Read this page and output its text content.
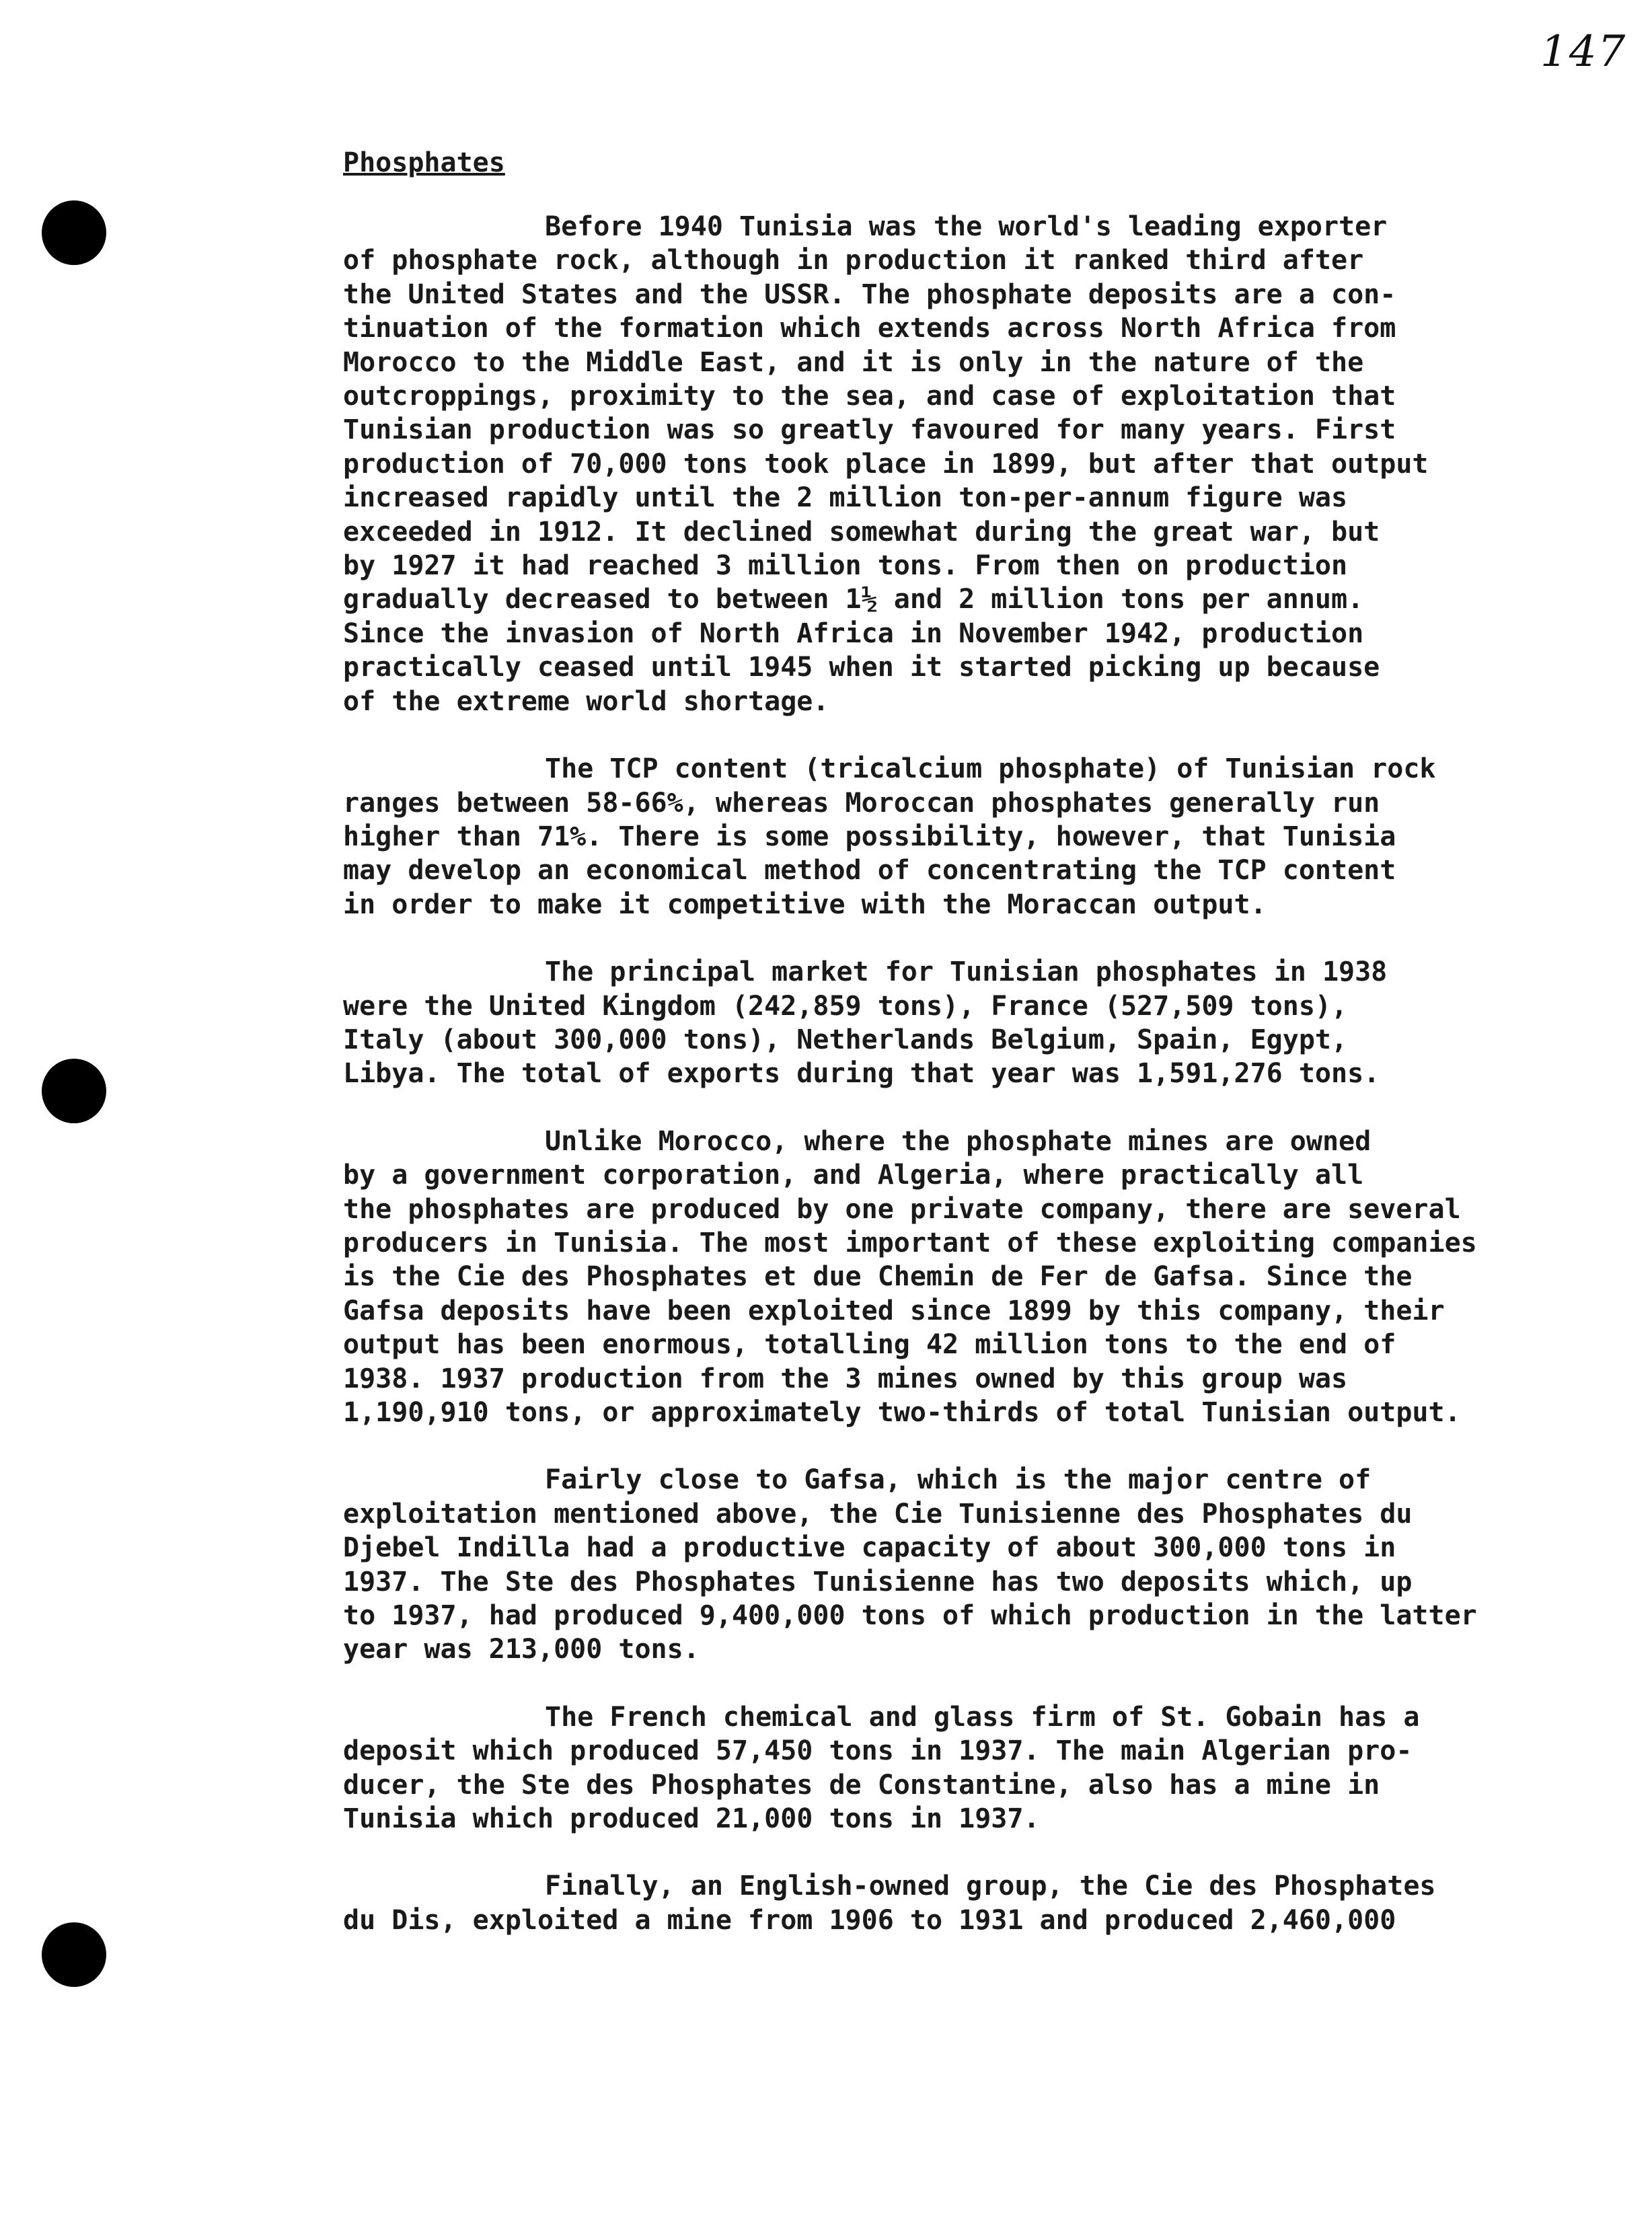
147
Phosphates
Before 1940 Tunisia was the world's leading exporter
of phosphate rock, although in production it ranked third after
the United States and the USSR. The phosphate deposits are a con-
tinuation of the formation which extends across North Africa from
Morocco to the Middle East, and it is only in the nature of the
outcroppings, proximity to the sea, and case of exploitation that
Tunisian production was so greatly favoured for many years. First
production of 70,000 tons took place in 1899, but after that output
increased rapidly until the 2 million ton-per-annum figure was
exceeded in 1912. It declined somewhat during the great war, but
by 1927 it had reached 3 million tons. From then on production
gradually decreased to between 1½ and 2 million tons per annum.
Since the invasion of North Africa in November 1942, production
practically ceased until 1945 when it started picking up because
of the extreme world shortage.
The TCP content (tricalcium phosphate) of Tunisian rock
ranges between 58-66%, whereas Moroccan phosphates generally run
higher than 71%. There is some possibility, however, that Tunisia
may develop an economical method of concentrating the TCP content
in order to make it competitive with the Moraccan output.
The principal market for Tunisian phosphates in 1938
were the United Kingdom (242,859 tons), France (527,509 tons),
Italy (about 300,000 tons), Netherlands Belgium, Spain, Egypt,
Libya. The total of exports during that year was 1,591,276 tons.
Unlike Morocco, where the phosphate mines are owned
by a government corporation, and Algeria, where practically all
the phosphates are produced by one private company, there are several
producers in Tunisia. The most important of these exploiting companies
is the Cie des Phosphates et due Chemin de Fer de Gafsa. Since the
Gafsa deposits have been exploited since 1899 by this company, their
output has been enormous, totalling 42 million tons to the end of
1938. 1937 production from the 3 mines owned by this group was
1,190,910 tons, or approximately two-thirds of total Tunisian output.
Fairly close to Gafsa, which is the major centre of
exploitation mentioned above, the Cie Tunisienne des Phosphates du
Djebel Indilla had a productive capacity of about 300,000 tons in
1937. The Ste des Phosphates Tunisienne has two deposits which, up
to 1937, had produced 9,400,000 tons of which production in the latter
year was 213,000 tons.
The French chemical and glass firm of St. Gobain has a
deposit which produced 57,450 tons in 1937. The main Algerian pro-
ducer, the Ste des Phosphates de Constantine, also has a mine in
Tunisia which produced 21,000 tons in 1937.
Finally, an English-owned group, the Cie des Phosphates
du Dis, exploited a mine from 1906 to 1931 and produced 2,460,000
